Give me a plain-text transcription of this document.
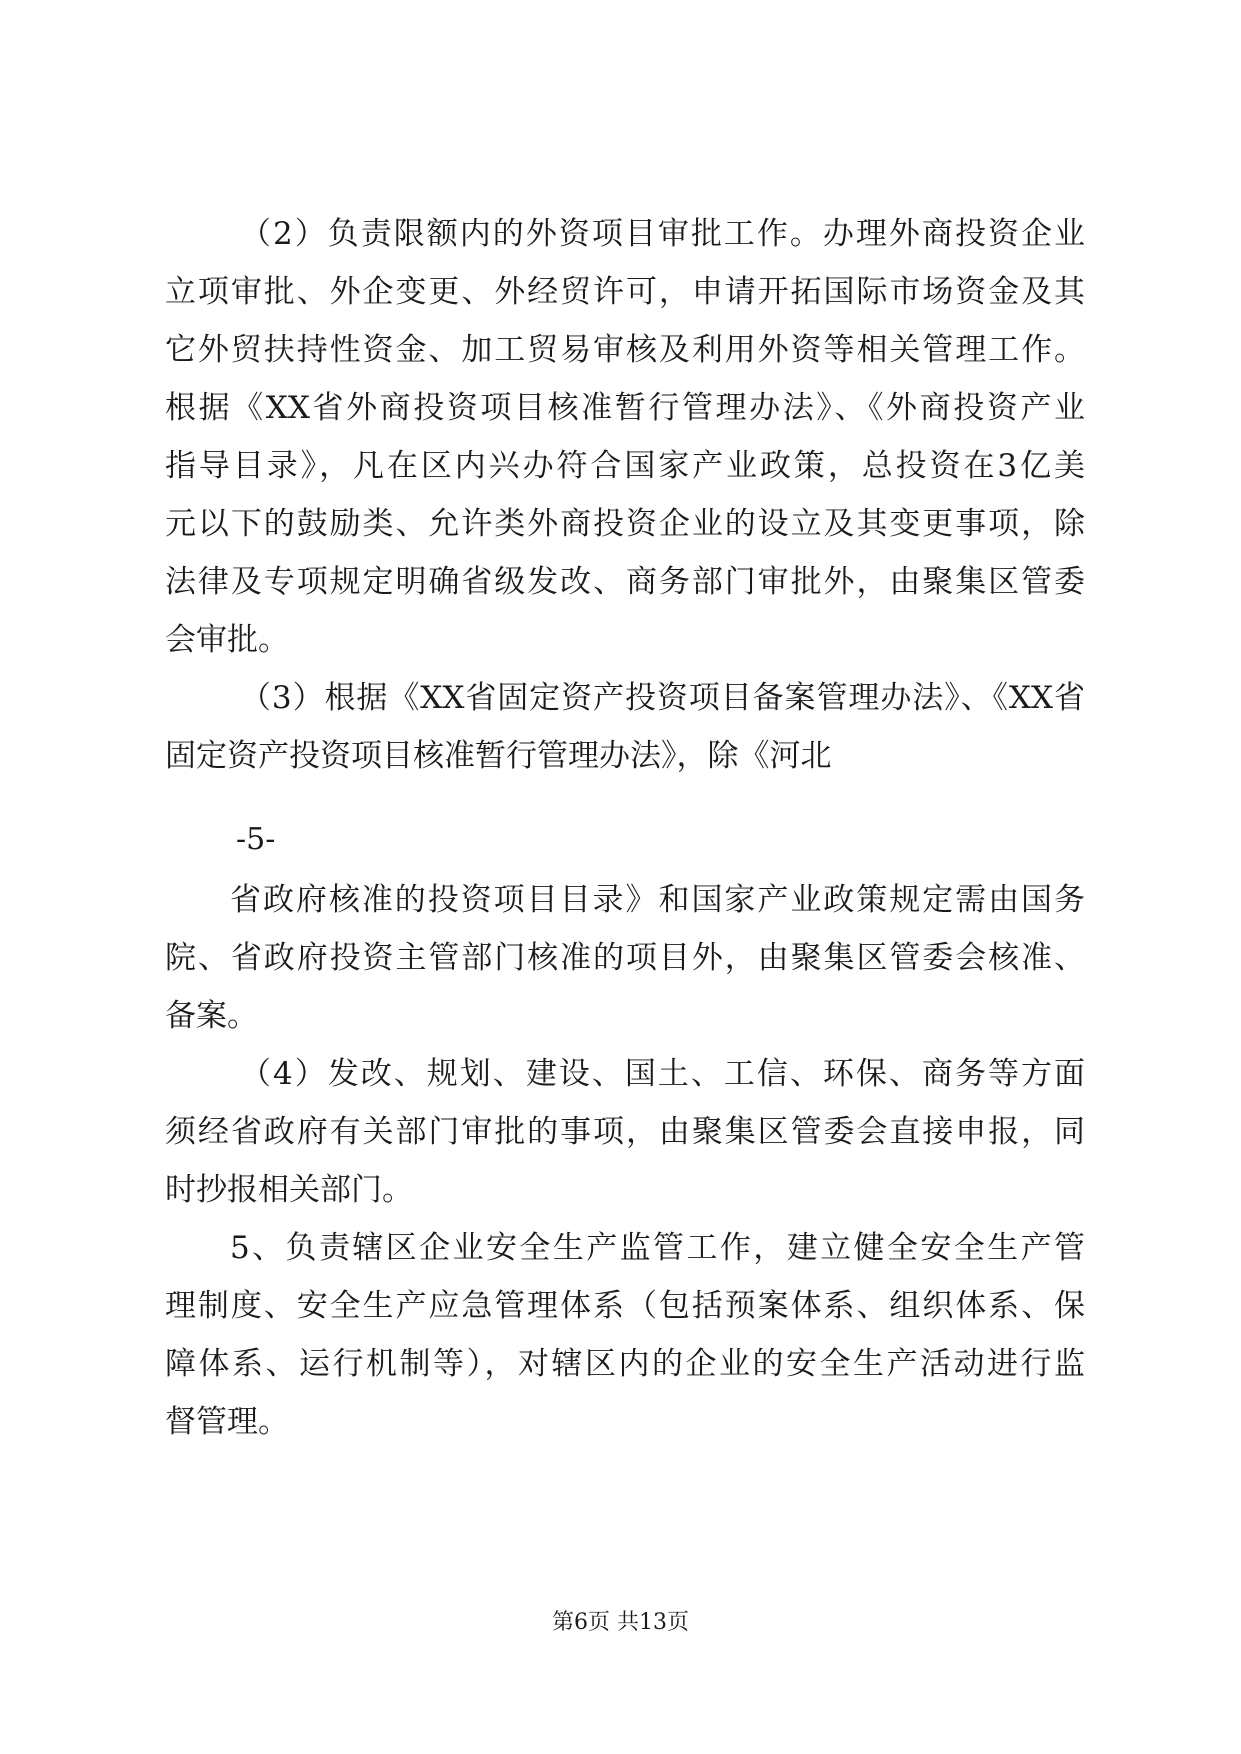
（2）负责限额内的外资项目审批工作。办理外商投资企业
立项审批、外企变更、外经贸许可，申请开拓国际市场资金及其
它外贸扶持性资金、加工贸易审核及利用外资等相关管理工作。
根据《XX省外商投资项目核准暂行管理办法》、《外商投资产业
指导目录》，凡在区内兴办符合国家产业政策，总投资在3亿美
元以下的鼓励类、允许类外商投资企业的设立及其变更事项，除
法律及专项规定明确省级发改、商务部门审批外，由聚集区管委
会审批。
（3）根据《XX省固定资产投资项目备案管理办法》、《XX省
固定资产投资项目核准暂行管理办法》，除《河北
-5-
省政府核准的投资项目目录》和国家产业政策规定需由国务
院、省政府投资主管部门核准的项目外，由聚集区管委会核准、
备案。
（4）发改、规划、建设、国土、工信、环保、商务等方面
须经省政府有关部门审批的事项，由聚集区管委会直接申报，同
时抄报相关部门。
5、负责辖区企业安全生产监管工作，建立健全安全生产管
理制度、安全生产应急管理体系（包括预案体系、组织体系、保
障体系、运行机制等），对辖区内的企业的安全生产活动进行监
督管理。
第6页 共13页
